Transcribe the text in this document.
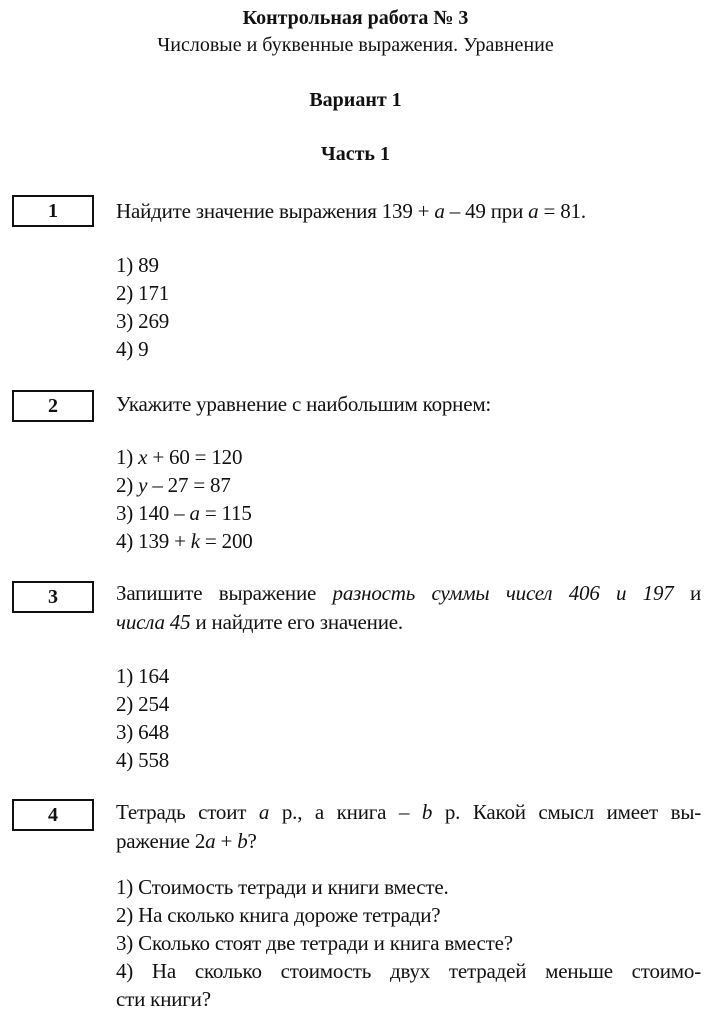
Контрольная работа № 3
Числовые и буквенные выражения. Уравнение
Вариант 1
Часть 1
1	Найдите значение выражения 139 + a – 49 при a = 81.
1) 89
2) 171
3) 269
4) 9
2	Укажите уравнение с наибольшим корнем:
1) x + 60 = 120
2) y – 27 = 87
3) 140 – a = 115
4) 139 + k = 200
3	Запишите выражение разность суммы чисел 406 и 197 и
числа 45 и найдите его значение.
1) 164
2) 254
3) 648
4) 558
4	Тетрадь стоит a р., а книга – b р. Какой смысл имеет вы-
ражение 2a + b?
1) Стоимость тетради и книги вместе.
2) На сколько книга дороже тетради?
3) Сколько стоят две тетради и книга вместе?
4) На сколько стоимость двух тетрадей меньше стоимо-
сти книги?
